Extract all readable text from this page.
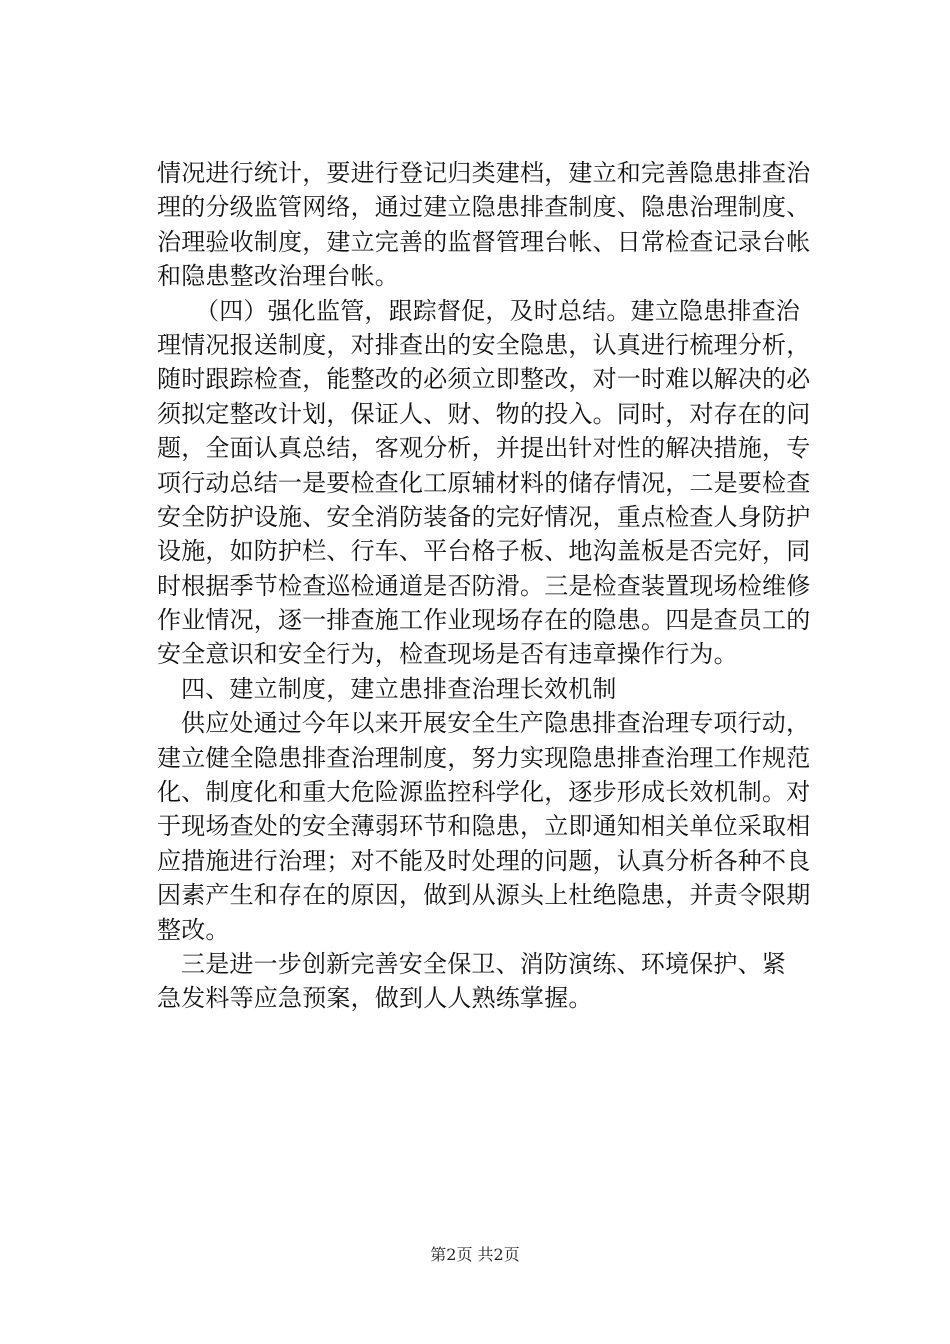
情况进行统计，要进行登记归类建档，建立和完善隐患排查治
理的分级监管网络，通过建立隐患排查制度、隐患治理制度、
治理验收制度，建立完善的监督管理台帐、日常检查记录台帐
和隐患整改治理台帐。
（四）强化监管，跟踪督促，及时总结。建立隐患排查治
理情况报送制度，对排查出的安全隐患，认真进行梳理分析，
随时跟踪检查，能整改的必须立即整改，对一时难以解决的必
须拟定整改计划，保证人、财、物的投入。同时，对存在的问
题，全面认真总结，客观分析，并提出针对性的解决措施，专
项行动总结一是要检查化工原辅材料的储存情况，二是要检查
安全防护设施、安全消防装备的完好情况，重点检查人身防护
设施，如防护栏、行车、平台格子板、地沟盖板是否完好，同
时根据季节检查巡检通道是否防滑。三是检查装置现场检维修
作业情况，逐一排查施工作业现场存在的隐患。四是查员工的
安全意识和安全行为，检查现场是否有违章操作行为。
四、建立制度，建立患排查治理长效机制
供应处通过今年以来开展安全生产隐患排查治理专项行动，
建立健全隐患排查治理制度，努力实现隐患排查治理工作规范
化、制度化和重大危险源监控科学化，逐步形成长效机制。对
于现场查处的安全薄弱环节和隐患，立即通知相关单位采取相
应措施进行治理；对不能及时处理的问题，认真分析各种不良
因素产生和存在的原因，做到从源头上杜绝隐患，并责令限期
整改。
三是进一步创新完善安全保卫、消防演练、环境保护、紧
急发料等应急预案，做到人人熟练掌握。
第2页 共2页
